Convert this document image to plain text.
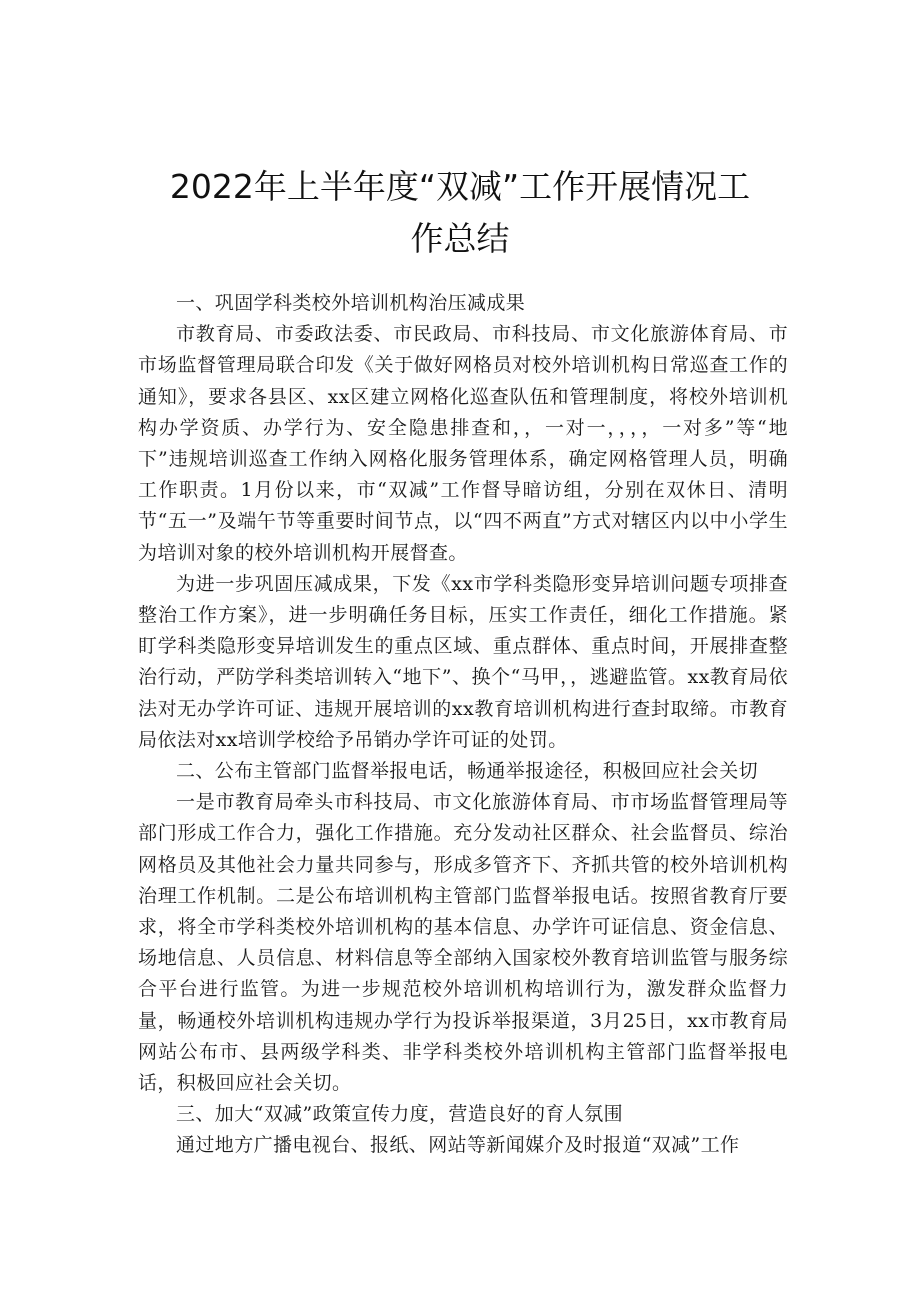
2022年上半年度“双减”工作开展情况工
作总结

一、巩固学科类校外培训机构治压减成果

市教育局、市委政法委、市民政局、市科技局、市文化旅游体育局、市市场监督管理局联合印发《关于做好网格员对校外培训机构日常巡查工作的通知》，要求各县区、xx区建立网格化巡查队伍和管理制度，将校外培训机构办学资质、办学行为、安全隐患排查和，，一对一，，，，一对多”等“地下”违规培训巡查工作纳入网格化服务管理体系，确定网格管理人员，明确工作职责。1月份以来，市“双减”工作督导暗访组，分别在双休日、清明节“五一”及端午节等重要时间节点，以“四不两直”方式对辖区内以中小学生为培训对象的校外培训机构开展督查。

为进一步巩固压减成果，下发《xx市学科类隐形变异培训问题专项排查整治工作方案》，进一步明确任务目标，压实工作责任，细化工作措施。紧盯学科类隐形变异培训发生的重点区域、重点群体、重点时间，开展排查整治行动，严防学科类培训转入“地下”、换个“马甲，，逃避监管。xx教育局依法对无办学许可证、违规开展培训的xx教育培训机构进行查封取缔。市教育局依法对xx培训学校给予吊销办学许可证的处罚。

二、公布主管部门监督举报电话，畅通举报途径，积极回应社会关切

一是市教育局牵头市科技局、市文化旅游体育局、市市场监督管理局等部门形成工作合力，强化工作措施。充分发动社区群众、社会监督员、综治网格员及其他社会力量共同参与，形成多管齐下、齐抓共管的校外培训机构治理工作机制。二是公布培训机构主管部门监督举报电话。按照省教育厅要求，将全市学科类校外培训机构的基本信息、办学许可证信息、资金信息、场地信息、人员信息、材料信息等全部纳入国家校外教育培训监管与服务综合平台进行监管。为进一步规范校外培训机构培训行为，激发群众监督力量，畅通校外培训机构违规办学行为投诉举报渠道，3月25日，xx市教育局网站公布市、县两级学科类、非学科类校外培训机构主管部门监督举报电话，积极回应社会关切。

三、加大“双减”政策宣传力度，营造良好的育人氛围

通过地方广播电视台、报纸、网站等新闻媒介及时报道“双减”工作
